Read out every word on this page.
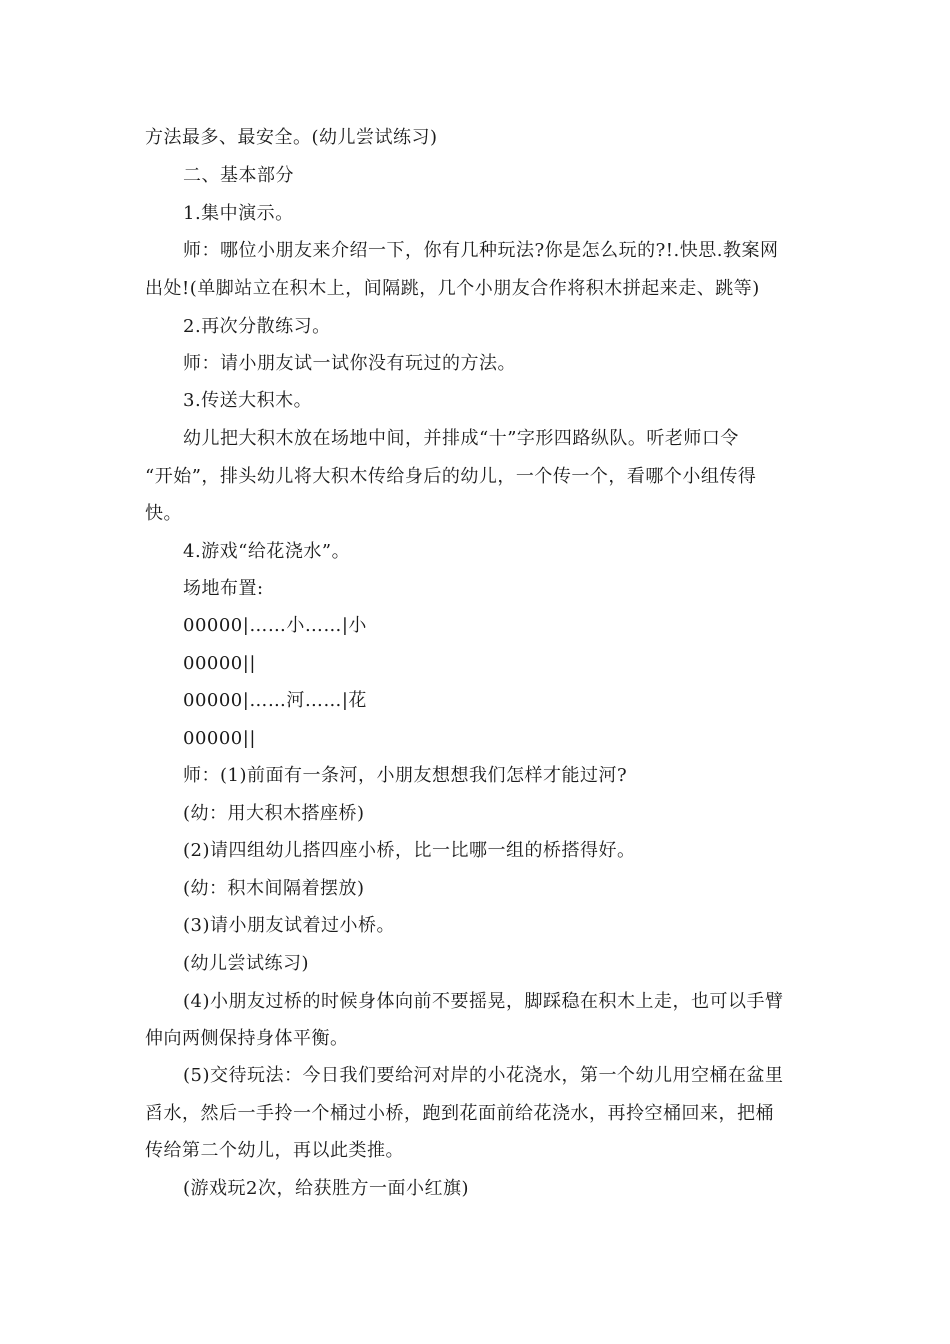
方法最多、最安全。(幼儿尝试练习)
二、基本部分
1.集中演示。
师：哪位小朋友来介绍一下，你有几种玩法?你是怎么玩的?!.快思.教案网
出处!(单脚站立在积木上，间隔跳，几个小朋友合作将积木拼起来走、跳等)
2.再次分散练习。
师：请小朋友试一试你没有玩过的方法。
3.传送大积木。
幼儿把大积木放在场地中间，并排成“十”字形四路纵队。听老师口令
“开始”，排头幼儿将大积木传给身后的幼儿，一个传一个，看哪个小组传得
快。
4.游戏“给花浇水”。
场地布置:
00000|……小……|小
00000||
00000|……河……|花
00000||
师：(1)前面有一条河，小朋友想想我们怎样才能过河?
(幼：用大积木搭座桥)
(2)请四组幼儿搭四座小桥，比一比哪一组的桥搭得好。
(幼：积木间隔着摆放)
(3)请小朋友试着过小桥。
(幼儿尝试练习)
(4)小朋友过桥的时候身体向前不要摇晃，脚踩稳在积木上走，也可以手臂
伸向两侧保持身体平衡。
(5)交待玩法：今日我们要给河对岸的小花浇水，第一个幼儿用空桶在盆里
舀水，然后一手拎一个桶过小桥，跑到花面前给花浇水，再拎空桶回来，把桶
传给第二个幼儿，再以此类推。
(游戏玩2次，给获胜方一面小红旗)
